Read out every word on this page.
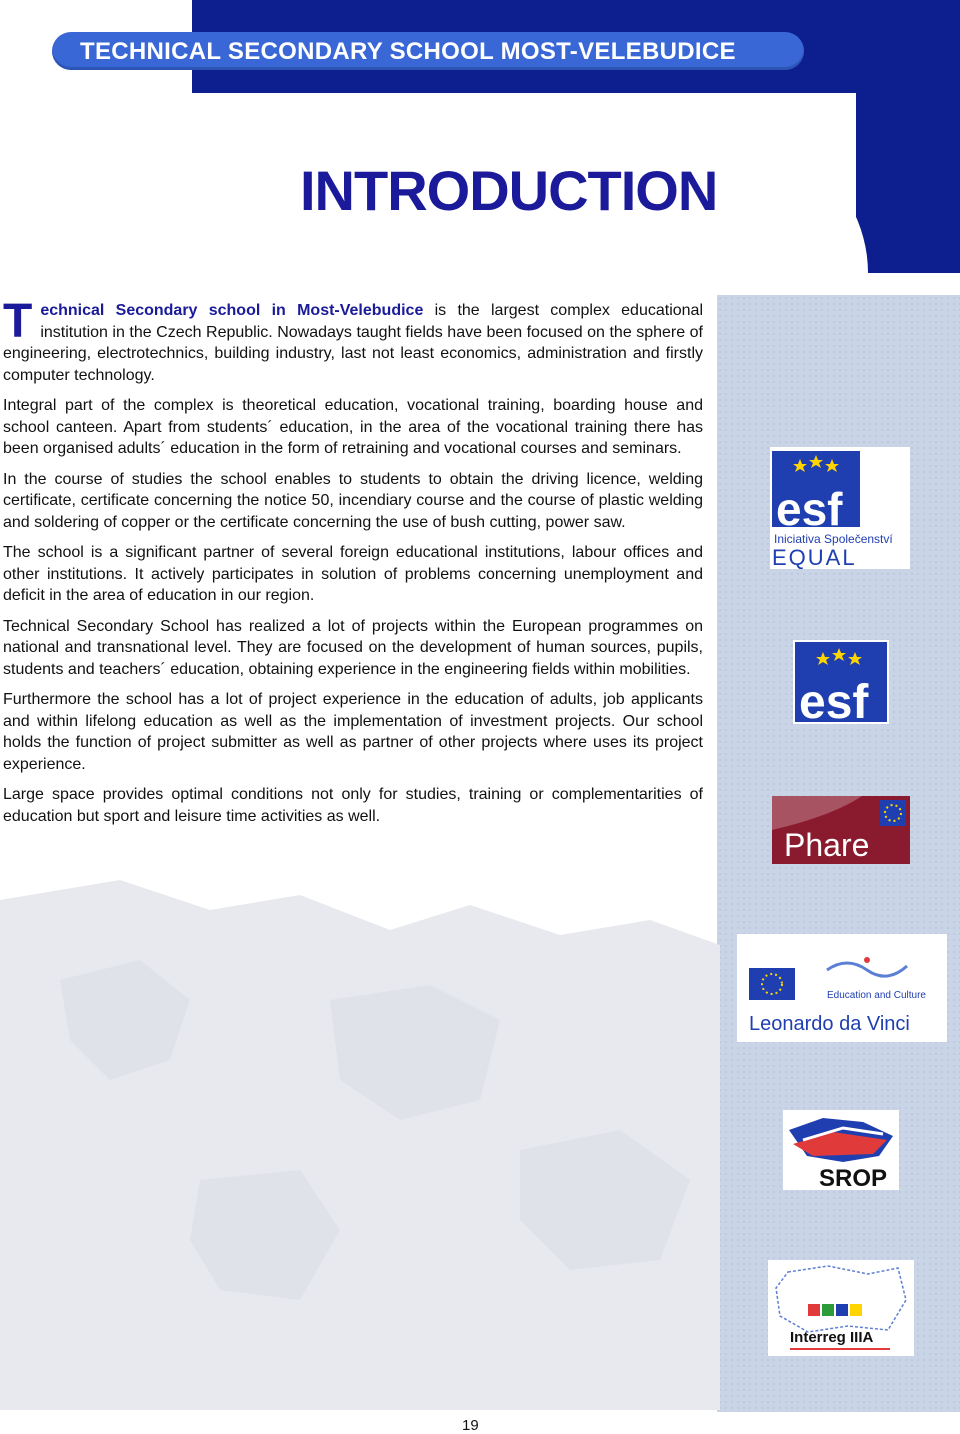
TECHNICAL SECONDARY SCHOOL MOST-VELEBUDICE
INTRODUCTION

Technical Secondary school in Most-Velebudice is the largest complex educational institution in the Czech Republic. Nowadays taught fields have been focused on the sphere of engineering, electrotechnics, building industry, last not least economics, administration and firstly computer technology.

Integral part of the complex is theoretical education, vocational training, boarding house and school canteen. Apart from students´ education, in the area of the vocational training there has been organised adults´ education in the form of retraining and vocational courses and seminars.

In the course of studies the school enables to students to obtain the driving licence, welding certificate, certificate concerning the notice 50, incendiary course and the course of plastic welding and soldering of copper or the certificate concerning the use of bush cutting, power saw.

The school is a significant partner of several foreign educational institutions, labour offices and other institutions. It actively participates in solution of problems concerning unemployment and deficit in the area of education in our region.

Technical Secondary School has realized a lot of projects within the European programmes on national and transnational level. They are focused on the development of human sources, pupils, students and teachers´ education, obtaining experience in the engineering fields within mobilities.

Furthermore the school has a lot of project experience in the education of adults, job applicants and within lifelong education as well as the implementation of investment projects. Our school holds the function of project submitter as well as partner of other projects where uses its project experience.

Large space provides optimal conditions not only for studies, training or complementarities of education but sport and leisure time activities as well.

esf
Iniciativa Společenství
EQUAL
esf
Phare
Education and Culture
Leonardo da Vinci
SROP
Interreg IIIA
19
